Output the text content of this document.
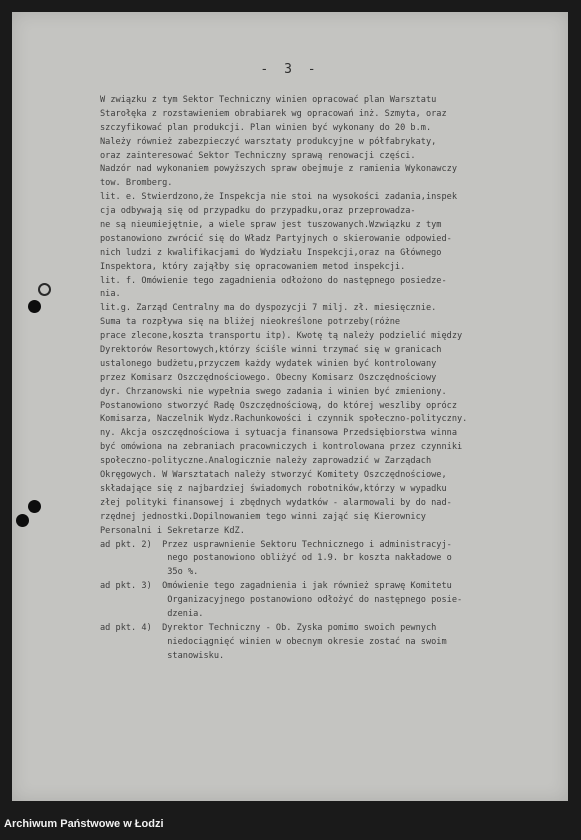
- 3 -
W związku z tym Sektor Techniczny winien opracować plan Warsztatu
Starołęka z rozstawieniem obrabiarek wg opracowań inż. Szmyta, oraz
szczyfikować plan produkcji. Plan winien być wykonany do 20 b.m.
Należy również zabezpieczyć warsztaty produkcyjne w półfabrykaty,
oraz zainteresować Sektor Techniczny sprawą renowacji części.
Nadzór nad wykonaniem powyższych spraw obejmuje z ramienia Wykonawczy
tow. Bromberg.
lit. e. Stwierdzono,że Inspekcja nie stoi na wysokości zadania,inspek
cja odbywają się od przypadku do przypadku,oraz przeprowadza-
ne są nieumiejętnie, a wiele spraw jest tuszowanych.Wzwiązku z tym
postanowiono zwrócić się do Władz Partyjnych o skierowanie odpowied-
nich ludzi z kwalifikacjami do Wydziału Inspekcji,oraz na Głównego
Inspektora, który zająłby się opracowaniem metod inspekcji.
lit. f. Omówienie tego zagadnienia odłożono do następnego posiedze-
nia.
lit.g. Zarząd Centralny ma do dyspozycji 7 milj. zł. miesięcznie.
Suma ta rozpływa się na bliżej nieokreślone potrzeby(różne
prace zlecone,koszta transportu itp). Kwotę tą należy podzielić między
Dyrektorów Resortowych,którzy ściśle winni trzymać się w granicach
ustalonego budżetu,przyczem każdy wydatek winien być kontrolowany
przez Komisarz Oszczędnościowego. Obecny Komisarz Oszczędnościowy
dyr. Chrzanowski nie wypełnia swego zadania i winien być zmieniony.
Postanowiono stworzyć Radę Oszczędnościową, do której weszliby oprócz
Komisarza, Naczelnik Wydz.Rachunkowości i czynnik społeczno-polityczny.
ny. Akcja oszczędnościowa i sytuacja finansowa Przedsiębiorstwa winna
być omówiona na zebraniach pracowniczych i kontrolowana przez czynniki
społeczno-polityczne.Analogicznie należy zaprowadzić w Zarządach
Okręgowych. W Warsztatach należy stworzyć Komitety Oszczędnościowe,
składające się z najbardziej świadomych robotników,którzy w wypadku
złej polityki finansowej i zbędnych wydatków - alarmowali by do nad-
rzędnej jednostki.Dopilnowaniem tego winni zająć się Kierownicy
Personalni i Sekretarze KdZ.
ad pkt. 2)  Przez usprawnienie Sektoru Technicznego i administracyj-
nego postanowiono obliżyć od 1.9. br koszta nakładowe o
35o %.
ad pkt. 3)  Omówienie tego zagadnienia i jak również sprawę Komitetu
Organizacyjnego postanowiono odłożyć do następnego posie-
dzenia.
ad pkt. 4)  Dyrektor Techniczny - Ob. Zyska pomimo swoich pewnych
niedociągnięć winien w obecnym okresie zostać na swoim
stanowisku.
Archiwum Państwowe w Łodzi
